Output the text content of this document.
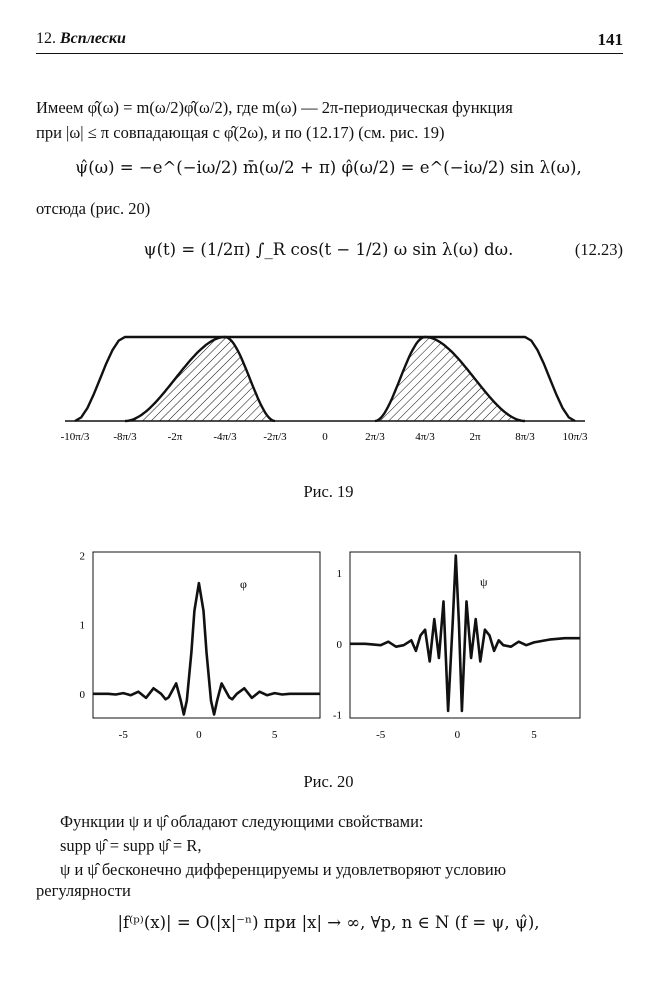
12. Всплески	141
Имеем φ̂(ω) = m(ω/2)φ̂(ω/2), где m(ω) — 2π-периодическая функция
при |ω| ≤ π совпадающая с φ̂(2ω), и по (12.17) (см. рис. 19)
ψ̂(ω) = −e^(−iω/2) m̄(ω/2 + π) φ̂(ω/2) = e^(−iω/2) sin λ(ω),
отсюда (рис. 20)
ψ(t) = (1/2π) ∫_R cos(t − 1/2) ω sin λ(ω) dω.	(12.23)
-10π/3 -8π/3	-2π	-4π/3 -2π/3	0	2π/3	4π/3	2π	8π/3	10π/3
Рис. 19
0
1
2
-5	0	5
φ
-1
0
1
-5	0	5
ψ
Рис. 20
Функции ψ и ψ̂ обладают следующими свойствами:
supp ψ̂ = supp ψ̂ = R,
ψ и ψ̂ бесконечно дифференцируемы и удовлетворяют условию
регулярности
|f⁽ᵖ⁾(x)| = O(|x|⁻ⁿ) при |x| → ∞, ∀p, n ∈ N (f = ψ, ψ̂),
